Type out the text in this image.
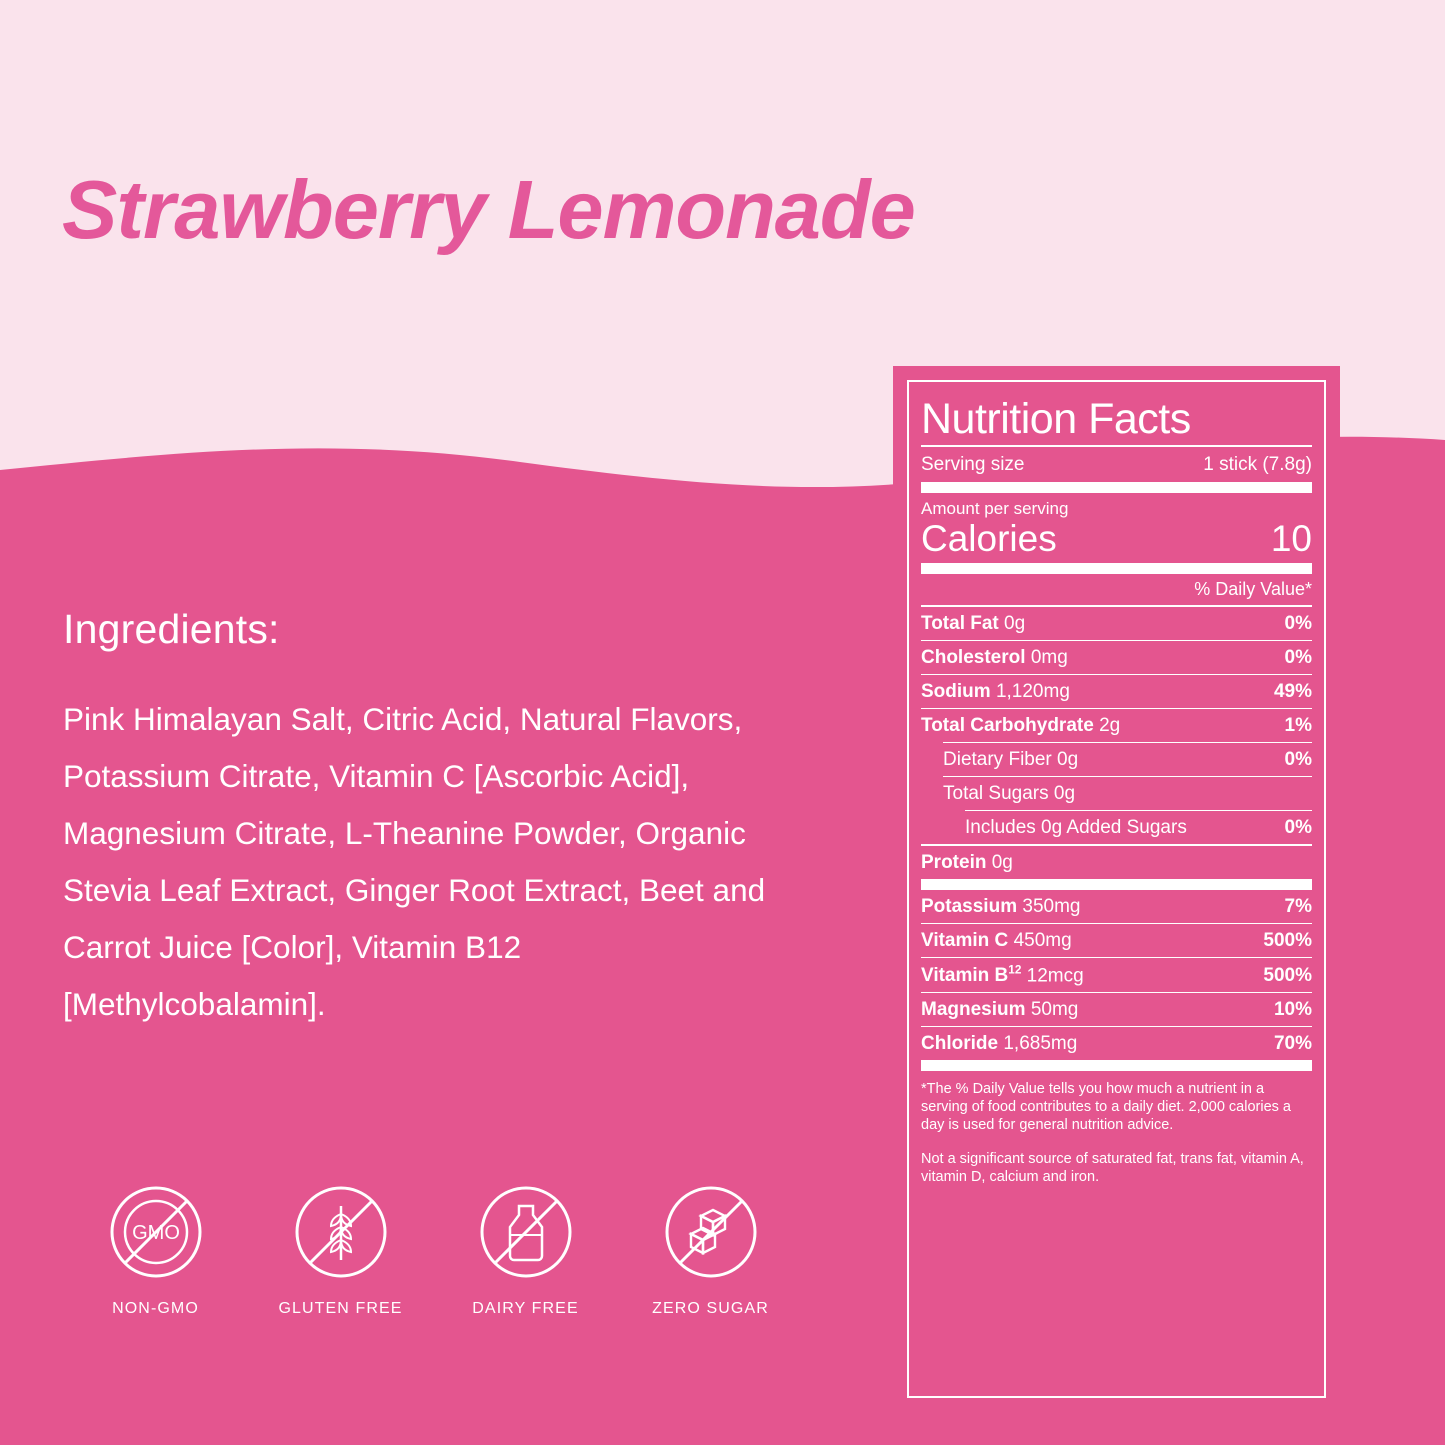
Strawberry Lemonade
Ingredients:

Pink Himalayan Salt, Citric Acid, Natural Flavors, Potassium Citrate, Vitamin C [Ascorbic Acid], Magnesium Citrate, L-Theanine Powder, Organic Stevia Leaf Extract, Ginger Root Extract, Beet and Carrot Juice [Color], Vitamin B12 [Methylcobalamin].

GMO
NON-GMO	GLUTEN FREE	DAIRY FREE	ZERO SUGAR
Nutrition Facts
Serving size	1 stick (7.8g)
Amount per serving
Calories	10
% Daily Value*
Total Fat 0g	0%
Cholesterol 0mg	0%
Sodium 1,120mg	49%
Total Carbohydrate 2g	1%
Dietary Fiber 0g	0%
Total Sugars 0g
Includes 0g Added Sugars	0%
Protein 0g
Potassium 350mg	7%
Vitamin C 450mg	500%
Vitamin $B^{12}$ 12mcg	500%
Magnesium 50mg	10%
Chloride 1,685mg	70%
*The % Daily Value tells you how much a nutrient in a serving of food contributes to a daily diet. 2,000 calories a day is used for general nutrition advice.
Not a significant source of saturated fat, trans fat, vitamin A, vitamin D, calcium and iron.
